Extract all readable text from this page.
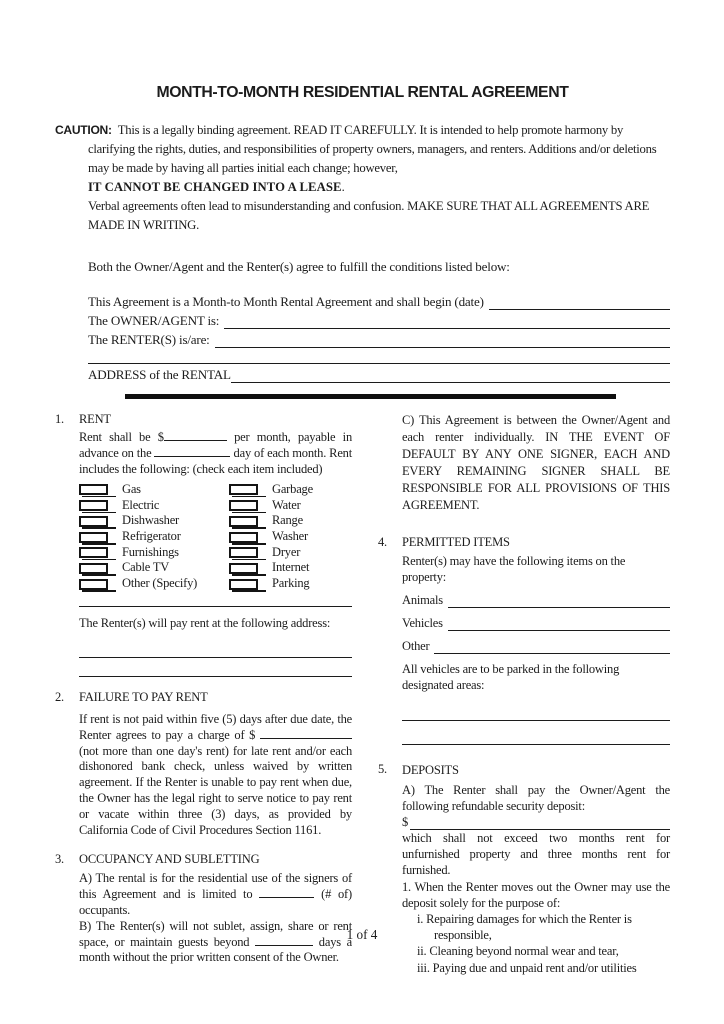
MONTH-TO-MONTH RESIDENTIAL RENTAL AGREEMENT

CAUTION: This is a legally binding agreement. READ IT CAREFULLY. It is intended to help promote harmony by clarifying the rights, duties, and responsibilities of property owners, managers, and renters. Additions and/or deletions may be made by having all parties initial each change; however,

IT CANNOT BE CHANGED INTO A LEASE.

Verbal agreements often lead to misunderstanding and confusion. MAKE SURE THAT ALL AGREEMENTS ARE MADE IN WRITING.

Both the Owner/Agent and the Renter(s) agree to fulfill the conditions listed below:
This Agreement is a Month-to Month Rental Agreement and shall begin (date)
The OWNER/AGENT is:
The RENTER(S) is/are:
ADDRESS of the RENTAL
1.	RENT
Rent shall be $	per month, payable in advance on the	day of each month. Rent includes the following: (check each item included)
Gas	Garbage
Electric	Water
Dishwasher	Range
Refrigerator	Washer
Furnishings	Dryer
Cable TV	Internet
Other (Specify)	Parking
The Renter(s) will pay rent at the following address:
2.	FAILURE TO PAY RENT
If rent is not paid within five (5) days after due date, the Renter agrees to pay a charge of $  (not more than one day's rent) for late rent and/or each dishonored bank check, unless waived by written agreement. If the Renter is unable to pay rent when due, the Owner has the legal right to serve notice to pay rent or vacate within three (3) days, as provided by California Code of Civil Procedures Section 1161.
3.	OCCUPANCY AND SUBLETTING
A) The rental is for the residential use of the signers of this Agreement and is limited to	(# of) occupants.
B) The Renter(s) will not sublet, assign, share or rent space, or maintain guests beyond	days a month without the prior written consent of the Owner.
C) This Agreement is between the Owner/Agent and each renter individually. IN THE EVENT OF DEFAULT BY ANY ONE SIGNER, EACH AND EVERY REMAINING SIGNER SHALL BE RESPONSIBLE FOR ALL PROVISIONS OF THIS AGREEMENT.
4.	PERMITTED ITEMS
Renter(s) may have the following items on the property:
Animals
Vehicles
Other
All vehicles are to be parked in the following designated areas:
5.	DEPOSITS
A) The Renter shall pay the Owner/Agent the following refundable security deposit:
$
which shall not exceed two months rent for unfurnished property and three months rent for furnished.
1. When the Renter moves out the Owner may use the deposit solely for the purpose of:
i. Repairing damages for which the Renter is responsible,
ii. Cleaning beyond normal wear and tear,
iii. Paying due and unpaid rent and/or utilities
1 of 4
